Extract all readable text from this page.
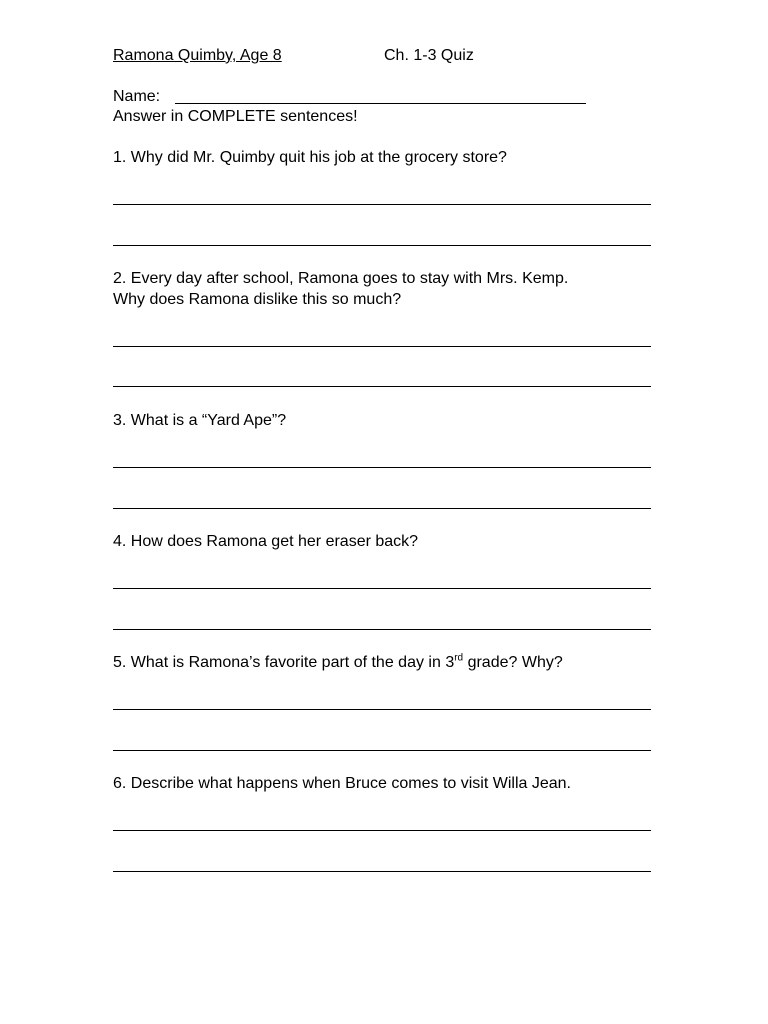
Ramona Quimby, Age 8	Ch. 1-3 Quiz
Name:
Answer in COMPLETE sentences!
1. Why did Mr. Quimby quit his job at the grocery store?
2. Every day after school, Ramona goes to stay with Mrs. Kemp.
Why does Ramona dislike this so much?
3. What is a “Yard Ape”?
4. How does Ramona get her eraser back?
5. What is Ramona’s favorite part of the day in 3rd grade? Why?
6. Describe what happens when Bruce comes to visit Willa Jean.
